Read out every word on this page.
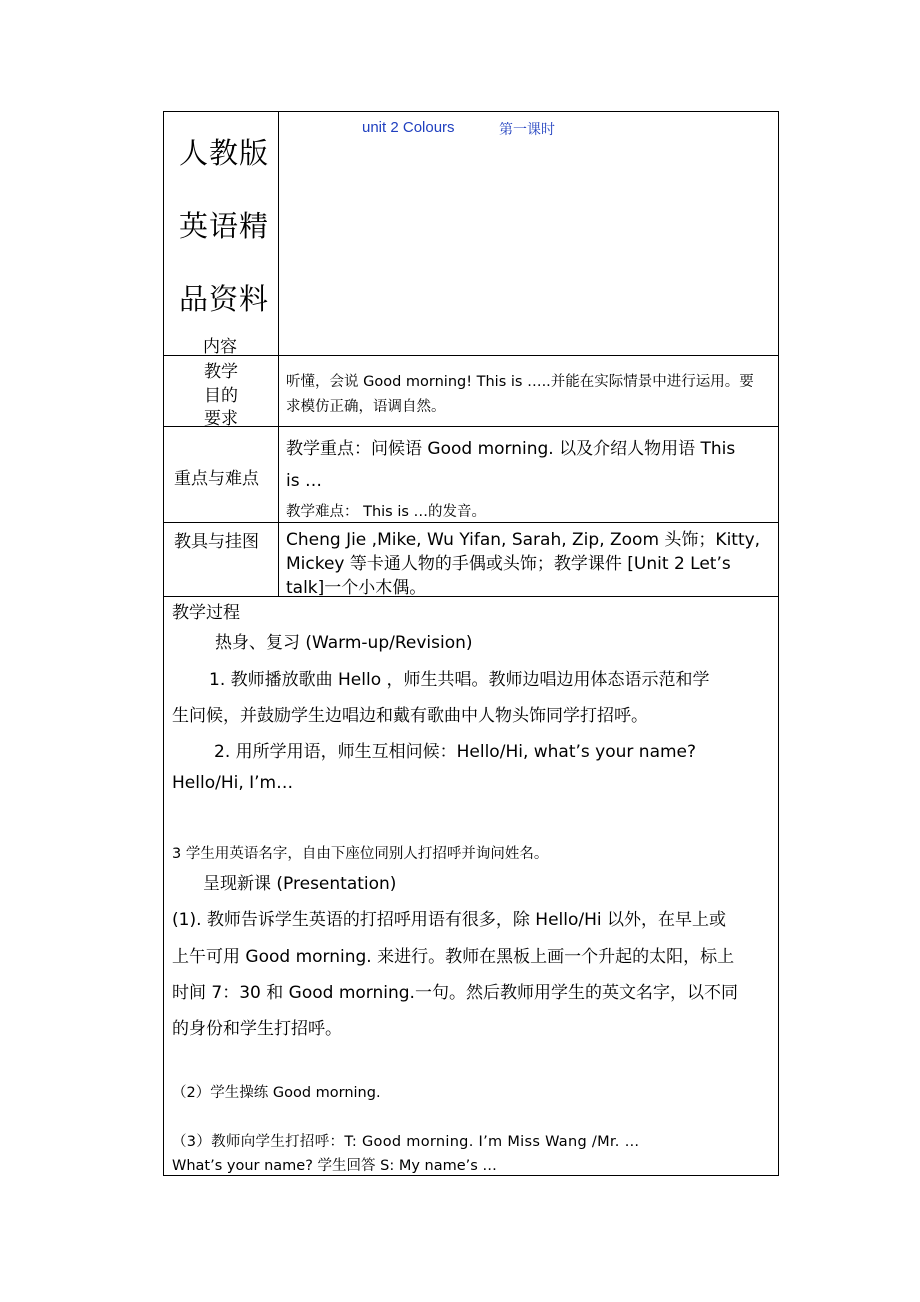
unit 2 Colours	第一课时
人教版
英语精
品资料
内容
教学
目的
要求
听懂，会说 Good morning! This is …..并能在实际情景中进行运用。要
求模仿正确，语调自然。
重点与难点
教学重点：问候语 Good morning. 以及介绍人物用语 This
is …
教学难点： This is …的发音。
教具与挂图 Cheng Jie ,Mike, Wu Yifan, Sarah, Zip, Zoom 头饰；Kitty,
Mickey 等卡通人物的手偶或头饰；教学课件 [Unit 2 Let’s
talk]一个小木偶。
教学过程
热身、复习 (Warm-up/Revision)
1. 教师播放歌曲 Hello ，师生共唱。教师边唱边用体态语示范和学
生问候，并鼓励学生边唱边和戴有歌曲中人物头饰同学打招呼。
2. 用所学用语，师生互相问候：Hello/Hi, what’s your name?
Hello/Hi, I’m…
3 学生用英语名字，自由下座位同别人打招呼并询问姓名。
呈现新课 (Presentation)
(1). 教师告诉学生英语的打招呼用语有很多，除 Hello/Hi 以外，在早上或
上午可用 Good morning. 来进行。教师在黑板上画一个升起的太阳，标上
时间 7：30 和 Good morning.一句。然后教师用学生的英文名字，以不同
的身份和学生打招呼。
（2）学生操练 Good morning.
（3）教师向学生打招呼：T: Good morning. I’m Miss Wang /Mr. …
What’s your name? 学生回答 S: My name’s …
